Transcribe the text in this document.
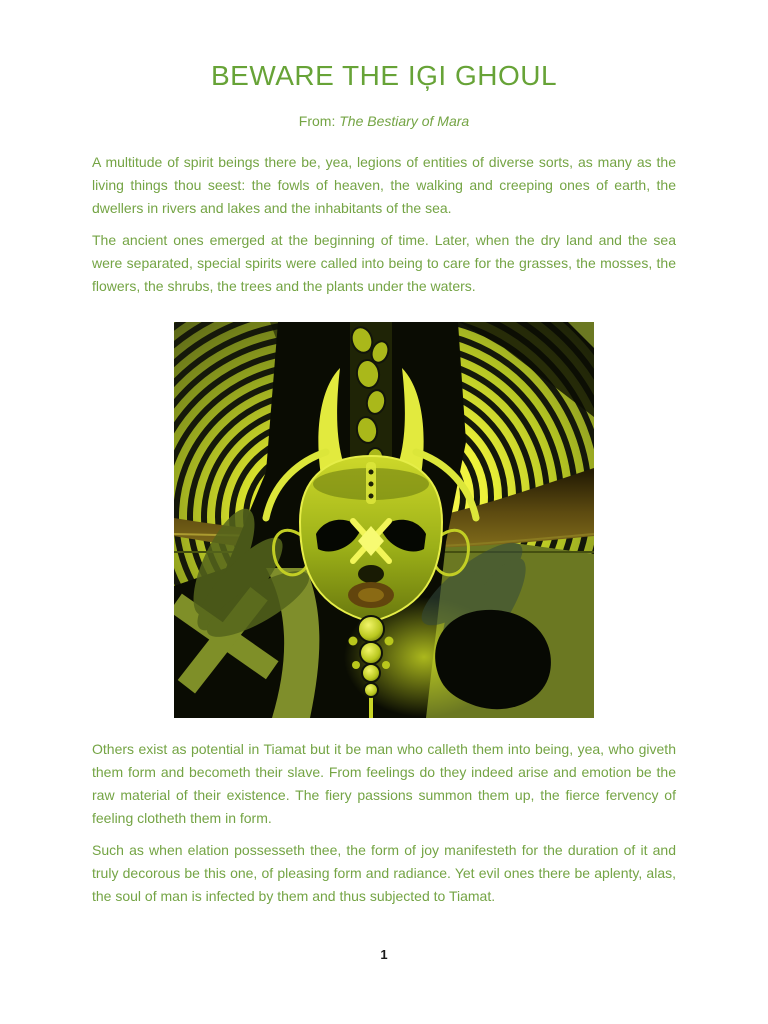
BEWARE THE IĢI GHOUL

From: The Bestiary of Mara

A multitude of spirit beings there be, yea, legions of entities of diverse sorts, as many as the living things thou seest: the fowls of heaven, the walking and creeping ones of earth, the dwellers in rivers and lakes and the inhabitants of the sea.

The ancient ones emerged at the beginning of time. Later, when the dry land and the sea were separated, special spirits were called into being to care for the grasses, the mosses, the flowers, the shrubs, the trees and the plants under the waters.

Others exist as potential in Tiamat but it be man who calleth them into being, yea, who giveth them form and becometh their slave. From feelings do they indeed arise and emotion be the raw material of their existence. The fiery passions summon them up, the fierce fervency of feeling clotheth them in form.

Such as when elation possesseth thee, the form of joy manifesteth for the duration of it and truly decorous be this one, of pleasing form and radiance. Yet evil ones there be aplenty, alas, the soul of man is infected by them and thus subjected to Tiamat.

1
